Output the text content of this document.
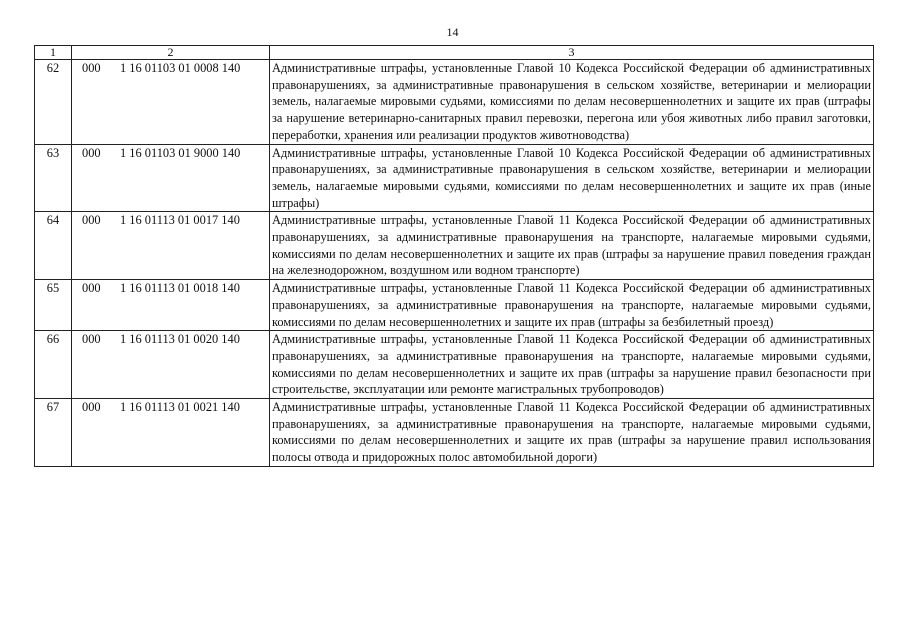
14
1	2	3
62	000 1 16 01103 01 0008 140	Административные штрафы, установленные Главой 10 Кодекса Российской Федерации об административных правонарушениях, за административные правонарушения в сельском хозяйстве, ветеринарии и мелиорации земель, налагаемые мировыми судьями, комиссиями по делам несовершеннолетних и защите их прав (штрафы за нарушение ветеринарно-санитарных правил перевозки, перегона или убоя животных либо правил заготовки, переработки, хранения или реализации продуктов животноводства)
63	000 1 16 01103 01 9000 140	Административные штрафы, установленные Главой 10 Кодекса Российской Федерации об административных правонарушениях, за административные правонарушения в сельском хозяйстве, ветеринарии и мелиорации земель, налагаемые мировыми судьями, комиссиями по делам несовершеннолетних и защите их прав (иные штрафы)
64	000 1 16 01113 01 0017 140	Административные штрафы, установленные Главой 11 Кодекса Российской Федерации об административных правонарушениях, за административные правонарушения на транспорте, налагаемые мировыми судьями, комиссиями по делам несовершеннолетних и защите их прав (штрафы за нарушение правил поведения граждан на железнодорожном, воздушном или водном транспорте)
65	000 1 16 01113 01 0018 140	Административные штрафы, установленные Главой 11 Кодекса Российской Федерации об административных правонарушениях, за административные правонарушения на транспорте, налагаемые мировыми судьями, комиссиями по делам несовершеннолетних и защите их прав (штрафы за безбилетный проезд)
66	000 1 16 01113 01 0020 140	Административные штрафы, установленные Главой 11 Кодекса Российской Федерации об административных правонарушениях, за административные правонарушения на транспорте, налагаемые мировыми судьями, комиссиями по делам несовершеннолетних и защите их прав (штрафы за нарушение правил безопасности при строительстве, эксплуатации или ремонте магистральных трубопроводов)
67	000 1 16 01113 01 0021 140	Административные штрафы, установленные Главой 11 Кодекса Российской Федерации об административных правонарушениях, за административные правонарушения на транспорте, налагаемые мировыми судьями, комиссиями по делам несовершеннолетних и защите их прав (штрафы за нарушение правил использования полосы отвода и придорожных полос автомобильной дороги)
